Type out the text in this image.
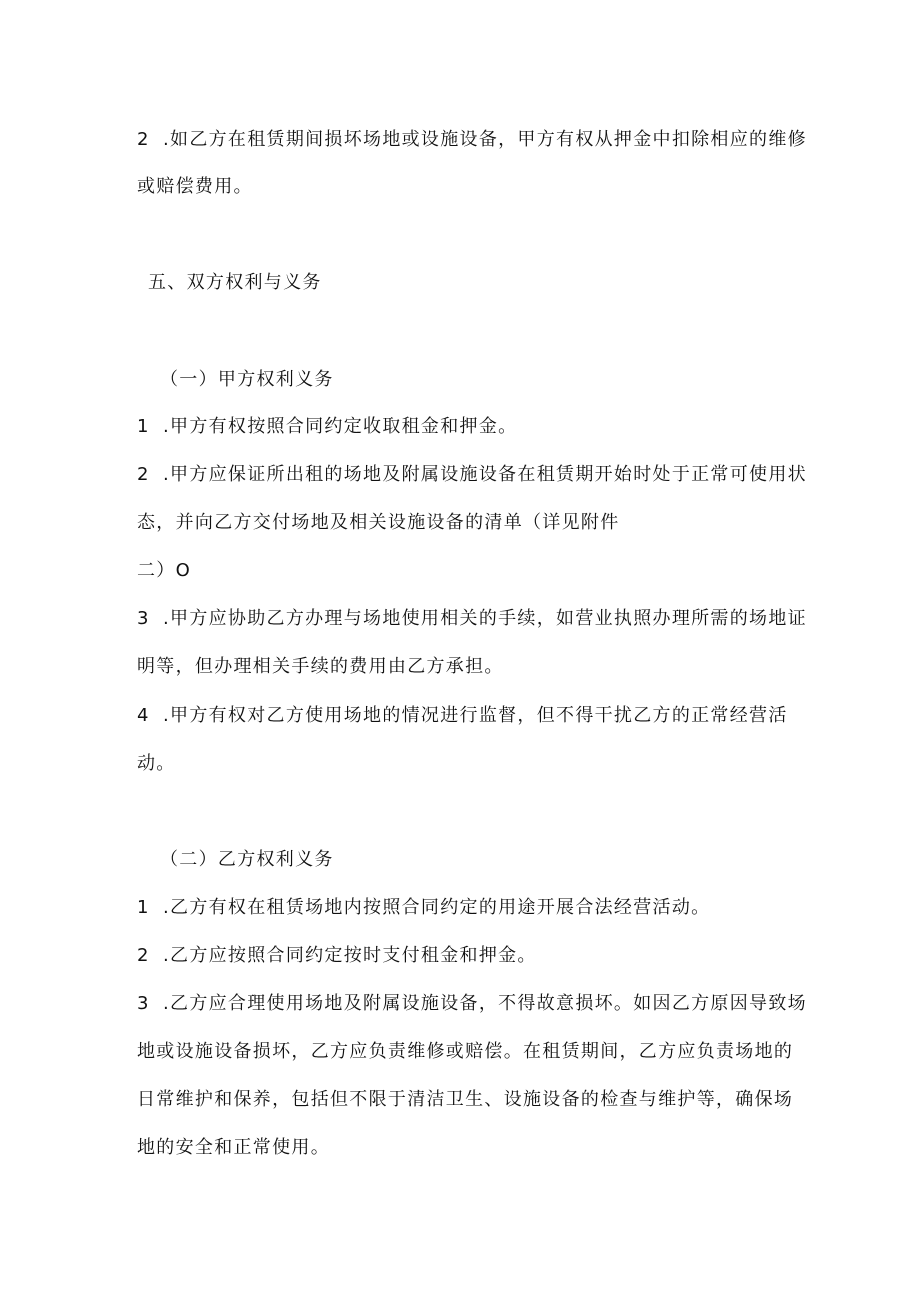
2 .如乙方在租赁期间损坏场地或设施设备，甲方有权从押金中扣除相应的维修
或赔偿费用。
五、双方权利与义务
（一）甲方权利义务
1 .甲方有权按照合同约定收取租金和押金。
2 .甲方应保证所出租的场地及附属设施设备在租赁期开始时处于正常可使用状
态，并向乙方交付场地及相关设施设备的清单（详见附件
二）O
3 .甲方应协助乙方办理与场地使用相关的手续，如营业执照办理所需的场地证
明等，但办理相关手续的费用由乙方承担。
4 .甲方有权对乙方使用场地的情况进行监督，但不得干扰乙方的正常经营活
动。
（二）乙方权利义务
1 .乙方有权在租赁场地内按照合同约定的用途开展合法经营活动。
2 .乙方应按照合同约定按时支付租金和押金。
3 .乙方应合理使用场地及附属设施设备，不得故意损坏。如因乙方原因导致场
地或设施设备损坏，乙方应负责维修或赔偿。在租赁期间，乙方应负责场地的
日常维护和保养，包括但不限于清洁卫生、设施设备的检查与维护等，确保场
地的安全和正常使用。
